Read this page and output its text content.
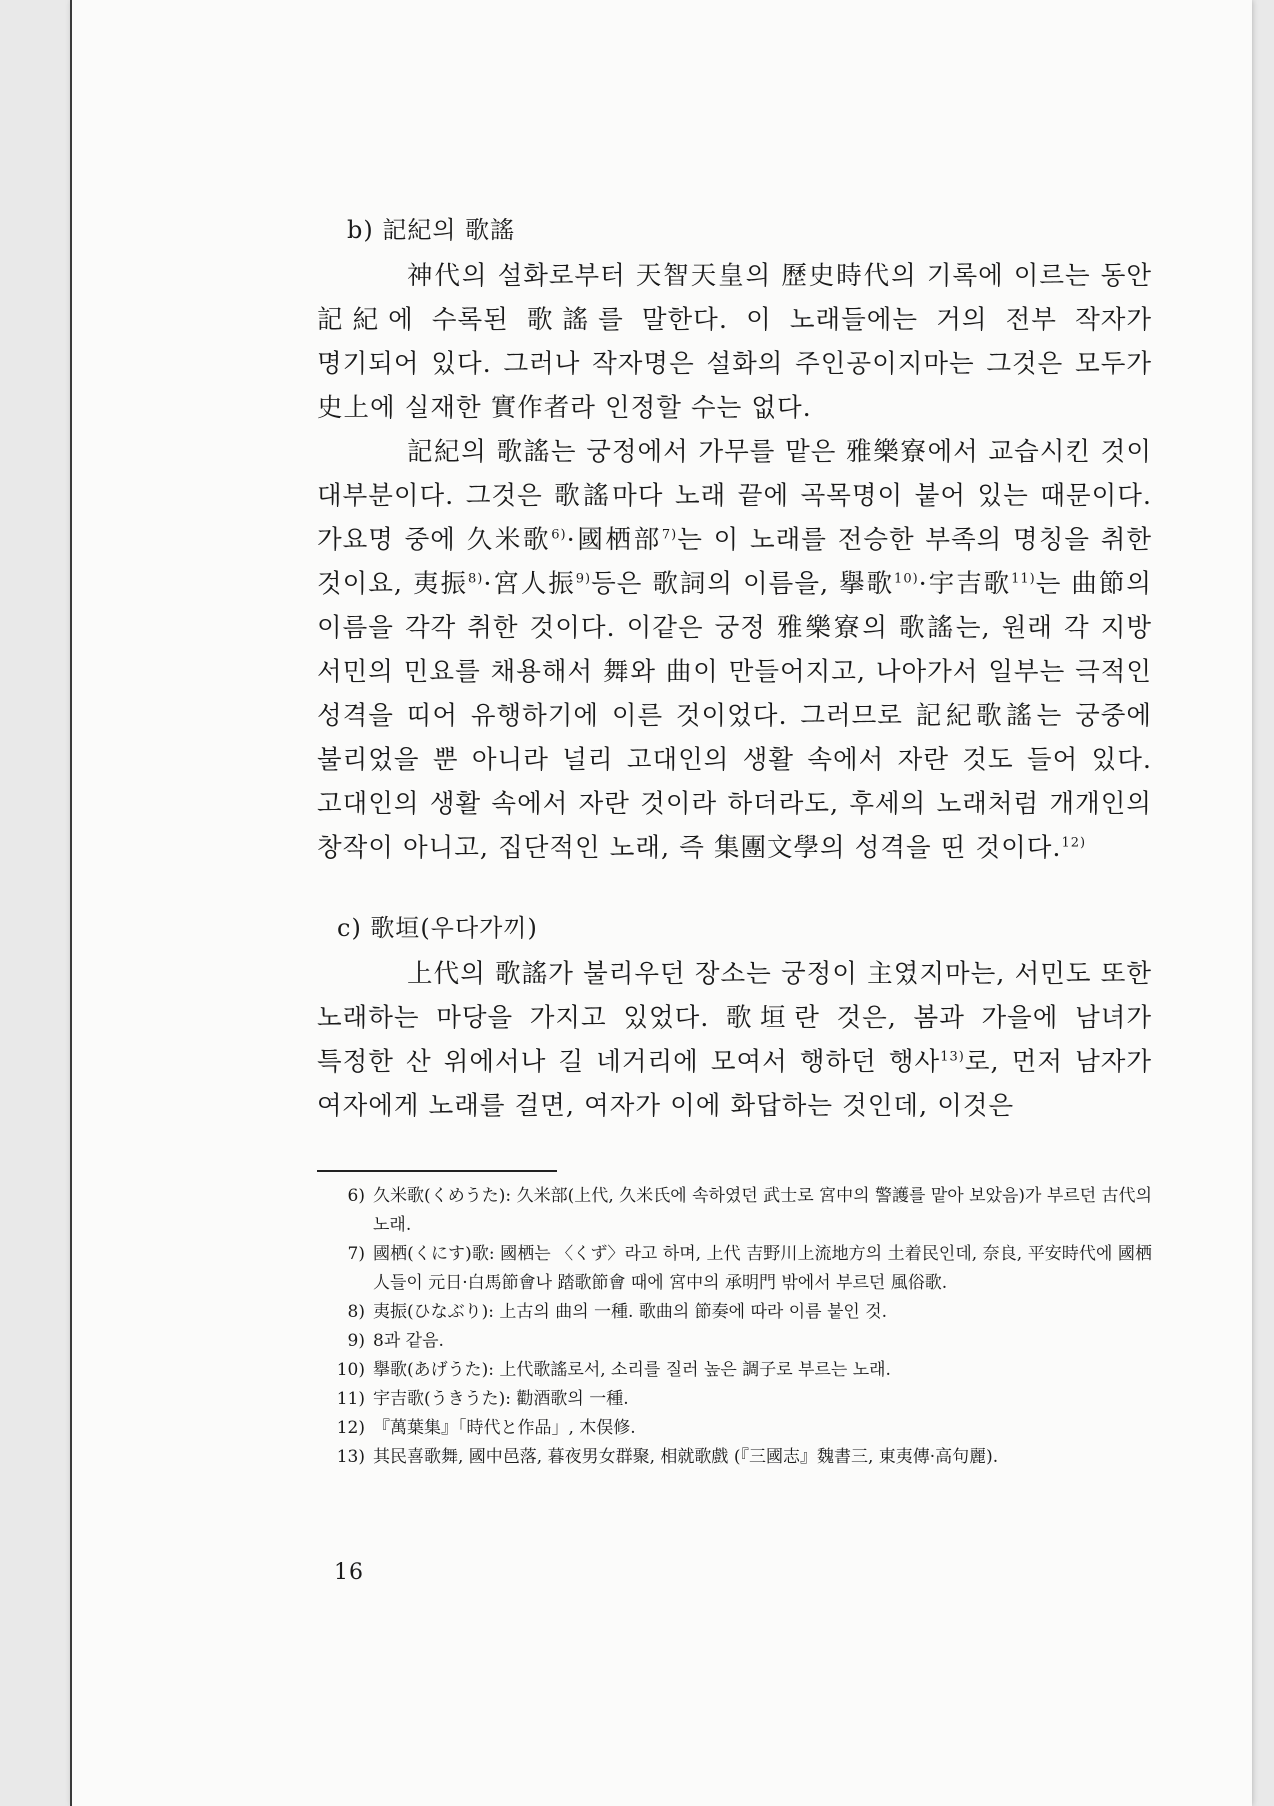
b) 記紀의 歌謠

神代의 설화로부터 天智天皇의 歷史時代의 기록에 이르는 동안 記紀에 수록된 歌謠를 말한다. 이 노래들에는 거의 전부 작자가 명기되어 있다. 그러나 작자명은 설화의 주인공이지마는 그것은 모두가 史上에 실재한 實作者라 인정할 수는 없다.

記紀의 歌謠는 궁정에서 가무를 맡은 雅樂寮에서 교습시킨 것이 대부분이다. 그것은 歌謠마다 노래 끝에 곡목명이 붙어 있는 때문이다. 가요명 중에 久米歌$^{6)}$·國栖部$^{7)}$는 이 노래를 전승한 부족의 명칭을 취한 것이요, 夷振$^{8)}$·宮人振$^{9)}$등은 歌詞의 이름을, 擧歌$^{10)}$·宇吉歌$^{11)}$는 曲節의 이름을 각각 취한 것이다. 이같은 궁정 雅樂寮의 歌謠는, 원래 각 지방 서민의 민요를 채용해서 舞와 曲이 만들어지고, 나아가서 일부는 극적인 성격을 띠어 유행하기에 이른 것이었다. 그러므로 記紀歌謠는 궁중에 불리었을 뿐 아니라 널리 고대인의 생활 속에서 자란 것도 들어 있다. 고대인의 생활 속에서 자란 것이라 하더라도, 후세의 노래처럼 개개인의 창작이 아니고, 집단적인 노래, 즉 集團文學의 성격을 띤 것이다.$^{12)}$

c) 歌垣(우다가끼)

上代의 歌謠가 불리우던 장소는 궁정이 主였지마는, 서민도 또한 노래하는 마당을 가지고 있었다. 歌垣란 것은, 봄과 가을에 남녀가 특정한 산 위에서나 길 네거리에 모여서 행하던 행사$^{13)}$로, 먼저 남자가 여자에게 노래를 걸면, 여자가 이에 화답하는 것인데, 이것은

6) 久米歌(くめうた): 久米部(上代, 久米氏에 속하였던 武士로 宮中의 警護를 맡아 보았음)가 부르던 古代의 노래.
7) 國栖(くにす)歌: 國栖는 〈くず〉라고 하며, 上代 吉野川上流地方의 土着民인데, 奈良, 平安時代에 國栖人들이 元日·白馬節會나 踏歌節會 때에 宮中의 承明門 밖에서 부르던 風俗歌.
8) 夷振(ひなぶり): 上古의 曲의 一種. 歌曲의 節奏에 따라 이름 붙인 것.
9) 8과 같음.
10) 擧歌(あげうた): 上代歌謠로서, 소리를 질러 높은 調子로 부르는 노래.
11) 宇吉歌(うきうた): 勸酒歌의 一種.
12) 『萬葉集』「時代と作品」, 木俣修.
13) 其民喜歌舞, 國中邑落, 暮夜男女群聚, 相就歌戲 (『三國志』魏書三, 東夷傳·高句麗).
16
